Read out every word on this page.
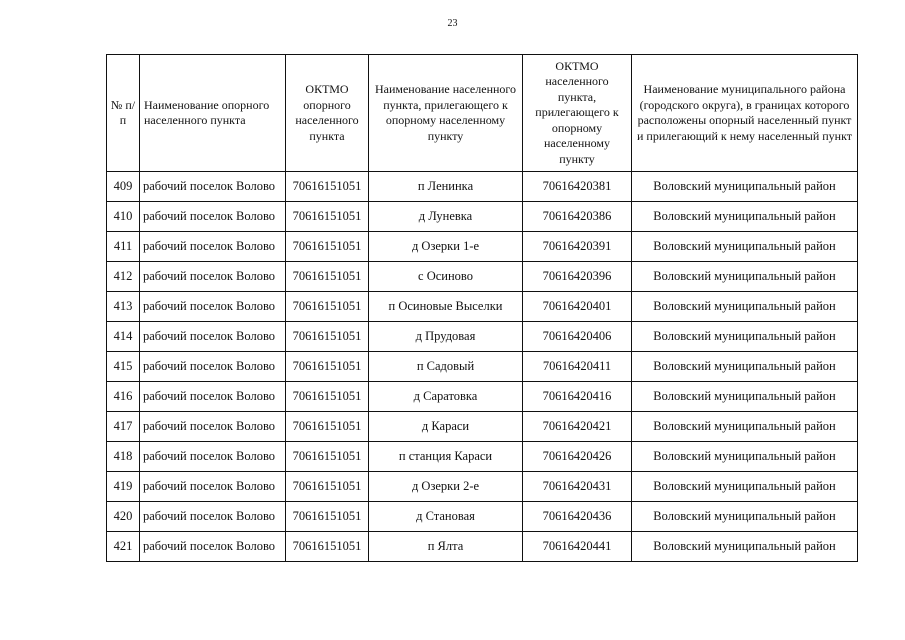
23
№ п/п	Наименование опорного населенного пункта	ОКТМО опорного населенного пункта	Наименование населенного пункта, прилегающего к опорному населенному пункту	ОКТМО населенного пункта, прилегающего к опорному населенному пункту	Наименование муниципального района (городского округа), в границах которого расположены опорный населенный пункт и прилегающий к нему населенный пункт
409	рабочий поселок Волово	70616151051	п Ленинка	70616420381	Воловский муниципальный район
410	рабочий поселок Волово	70616151051	д Луневка	70616420386	Воловский муниципальный район
411	рабочий поселок Волово	70616151051	д Озерки 1-е	70616420391	Воловский муниципальный район
412	рабочий поселок Волово	70616151051	с Осиново	70616420396	Воловский муниципальный район
413	рабочий поселок Волово	70616151051	п Осиновые Выселки	70616420401	Воловский муниципальный район
414	рабочий поселок Волово	70616151051	д Прудовая	70616420406	Воловский муниципальный район
415	рабочий поселок Волово	70616151051	п Садовый	70616420411	Воловский муниципальный район
416	рабочий поселок Волово	70616151051	д Саратовка	70616420416	Воловский муниципальный район
417	рабочий поселок Волово	70616151051	д Караси	70616420421	Воловский муниципальный район
418	рабочий поселок Волово	70616151051	п станция Караси	70616420426	Воловский муниципальный район
419	рабочий поселок Волово	70616151051	д Озерки 2-е	70616420431	Воловский муниципальный район
420	рабочий поселок Волово	70616151051	д Становая	70616420436	Воловский муниципальный район
421	рабочий поселок Волово	70616151051	п Ялта	70616420441	Воловский муниципальный район
